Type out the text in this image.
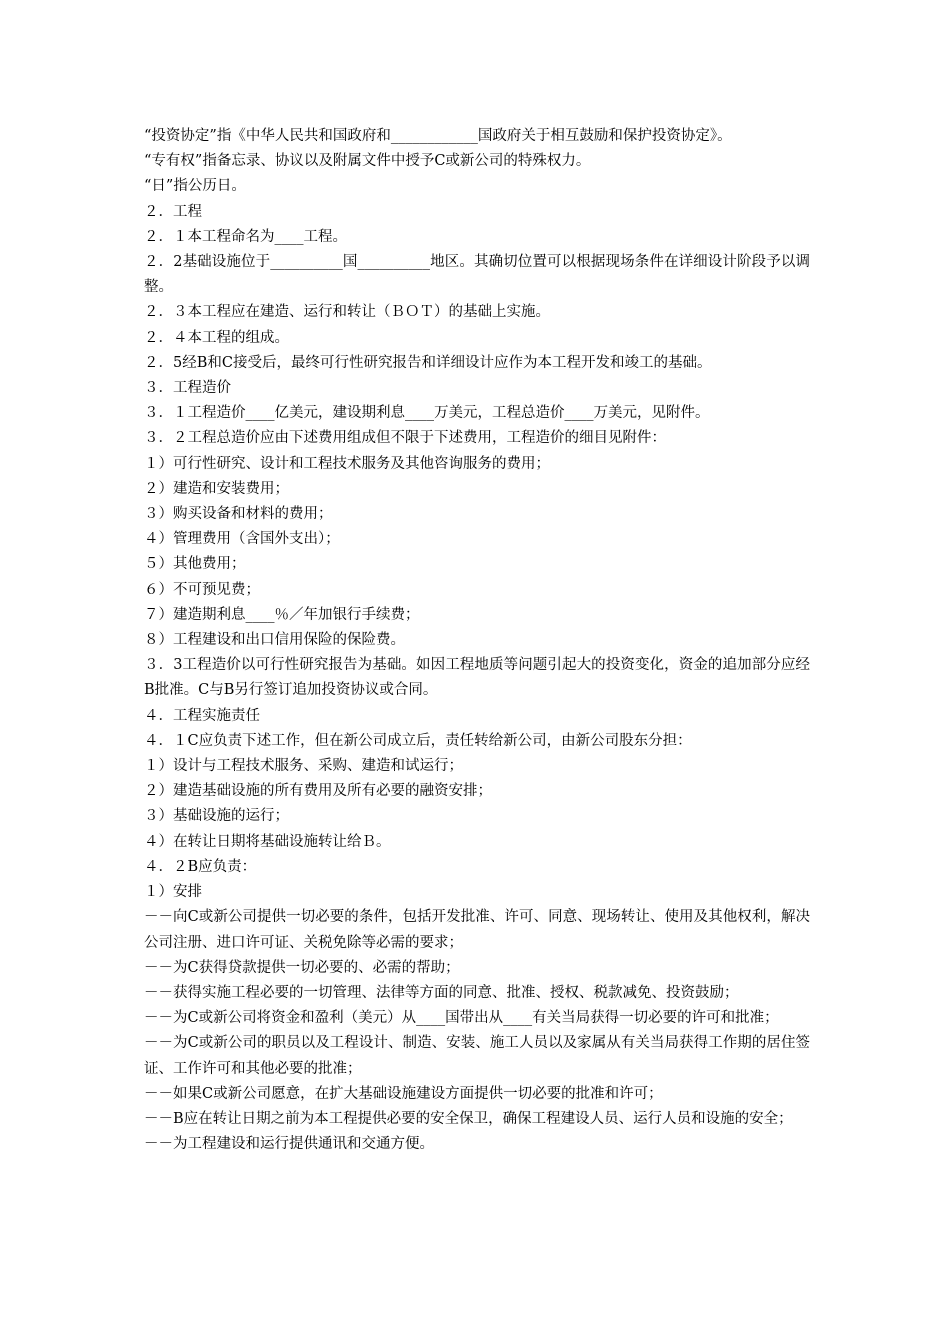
“投资协定”指《中华人民共和国政府和____________国政府关于相互鼓励和保护投资协定》。

“专有权”指备忘录、协议以及附属文件中授予C或新公司的特殊权力。

“日”指公历日。

２．工程

２．１本工程命名为____工程。

２．2基础设施位于__________国__________地区。其确切位置可以根据现场条件在详细设计阶段予以调整。

２．３本工程应在建造、运行和转让（ＢＯＴ）的基础上实施。

２．４本工程的组成。

２．5经B和C接受后，最终可行性研究报告和详细设计应作为本工程开发和竣工的基础。

３．工程造价

３．１工程造价____亿美元，建设期利息____万美元，工程总造价____万美元，见附件。

３．２工程总造价应由下述费用组成但不限于下述费用，工程造价的细目见附件：

１）可行性研究、设计和工程技术服务及其他咨询服务的费用；

２）建造和安装费用；

３）购买设备和材料的费用；

４）管理费用（含国外支出）；

５）其他费用；

６）不可预见费；

７）建造期利息____％／年加银行手续费；

８）工程建设和出口信用保险的保险费。

３．3工程造价以可行性研究报告为基础。如因工程地质等问题引起大的投资变化，资金的追加部分应经B批准。C与B另行签订追加投资协议或合同。

４．工程实施责任

４．１C应负责下述工作，但在新公司成立后，责任转给新公司，由新公司股东分担：

１）设计与工程技术服务、采购、建造和试运行；

２）建造基础设施的所有费用及所有必要的融资安排；

３）基础设施的运行；

４）在转让日期将基础设施转让给Ｂ。

４．２B应负责：

１）安排

－－向C或新公司提供一切必要的条件，包括开发批准、许可、同意、现场转让、使用及其他权利，解决公司注册、进口许可证、关税免除等必需的要求；

－－为C获得贷款提供一切必要的、必需的帮助；

－－获得实施工程必要的一切管理、法律等方面的同意、批准、授权、税款减免、投资鼓励；

－－为C或新公司将资金和盈利（美元）从____国带出从____有关当局获得一切必要的许可和批准；

－－为C或新公司的职员以及工程设计、制造、安装、施工人员以及家属从有关当局获得工作期的居住签证、工作许可和其他必要的批准；

－－如果C或新公司愿意，在扩大基础设施建设方面提供一切必要的批准和许可；

－－B应在转让日期之前为本工程提供必要的安全保卫，确保工程建设人员、运行人员和设施的安全；

－－为工程建设和运行提供通讯和交通方便。
